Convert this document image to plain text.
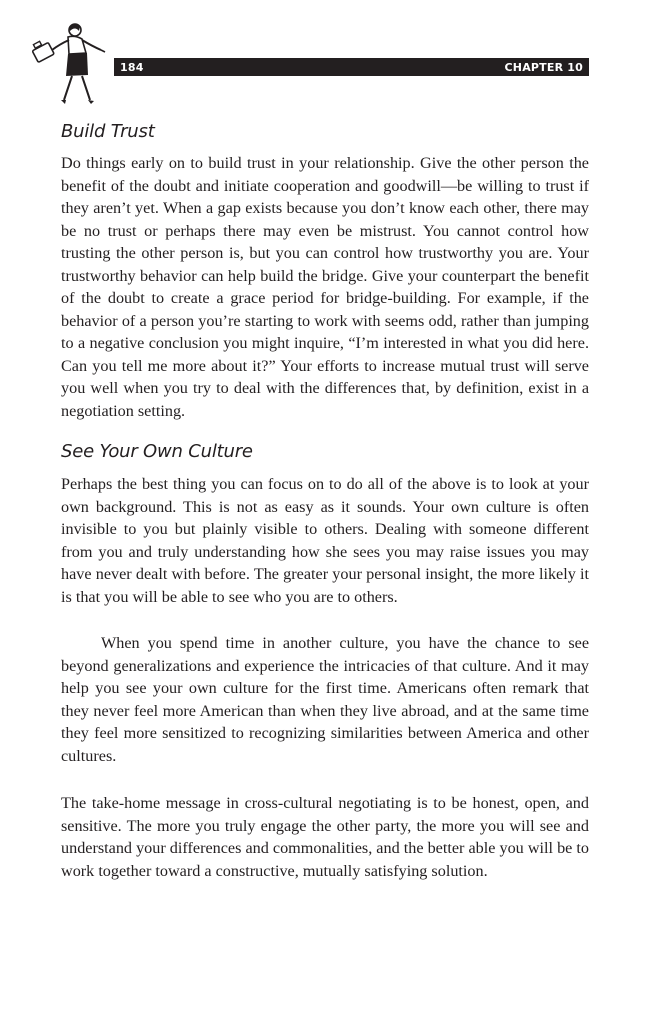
184	CHAPTER 10
Build Trust

Do things early on to build trust in your relationship. Give the other person the benefit of the doubt and initiate cooperation and goodwill—be willing to trust if they aren’t yet. When a gap exists because you don’t know each other, there may be no trust or perhaps there may even be mistrust. You cannot control how trusting the other person is, but you can control how trustworthy you are. Your trustworthy behavior can help build the bridge. Give your counterpart the benefit of the doubt to create a grace period for bridge-building. For example, if the behavior of a person you’re starting to work with seems odd, rather than jumping to a negative conclusion you might inquire, “I’m interested in what you did here. Can you tell me more about it?” Your efforts to increase mutual trust will serve you well when you try to deal with the differences that, by definition, exist in a negotiation setting.

See Your Own Culture

Perhaps the best thing you can focus on to do all of the above is to look at your own background. This is not as easy as it sounds. Your own culture is often invisible to you but plainly visible to others. Dealing with someone different from you and truly understanding how she sees you may raise issues you may have never dealt with before. The greater your personal insight, the more likely it is that you will be able to see who you are to others.

When you spend time in another culture, you have the chance to see beyond generalizations and experience the intricacies of that culture. And it may help you see your own culture for the first time. Americans often remark that they never feel more American than when they live abroad, and at the same time they feel more sensitized to recognizing similarities between America and other cultures.

The take-home message in cross-cultural negotiating is to be honest, open, and sensitive. The more you truly engage the other party, the more you will see and understand your differences and commonalities, and the better able you will be to work together toward a constructive, mutually satisfying solution.
